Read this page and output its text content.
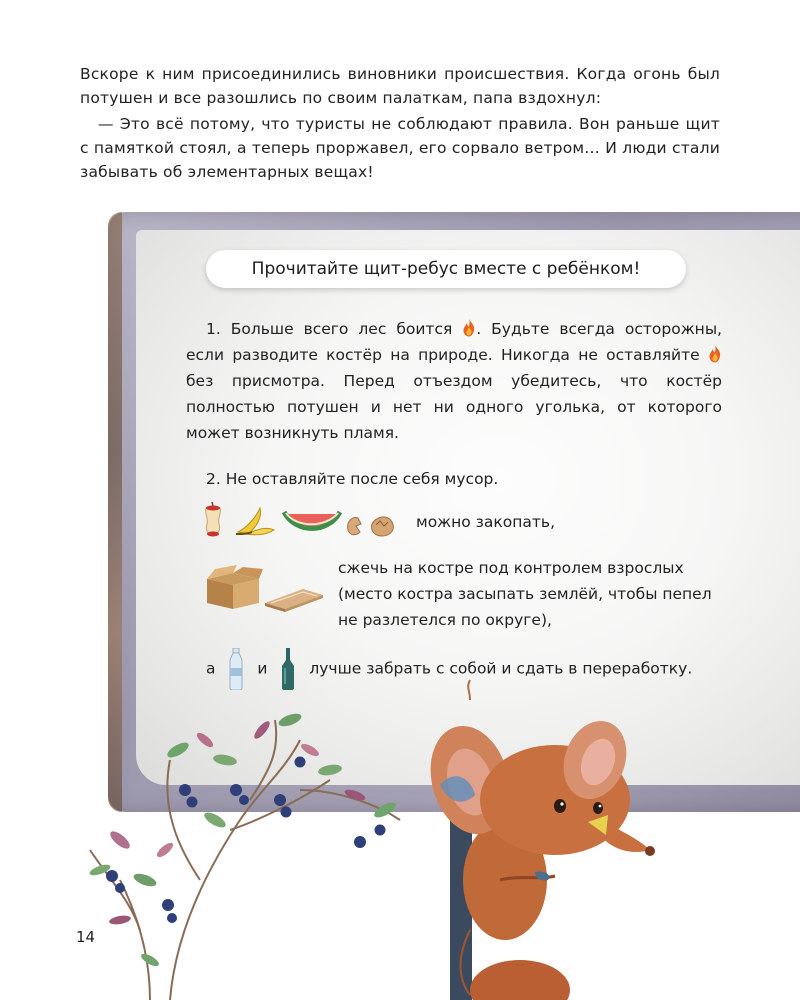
Вскоре к ним присоединились виновники происшествия. Когда огонь был потушен и все разошлись по своим палаткам, папа вздохнул:

— Это всё потому, что туристы не соблюдают правила. Вон раньше щит с памяткой стоял, а теперь проржавел, его сорвало ветром… И люди стали забывать об элементарных вещах!

Прочитайте щит-ребус вместе с ребёнком!
1. Больше всего лес боится . Будьте всегда осторожны, если разводите костёр на природе. Никогда не оставляйте  без присмотра. Перед отъездом убедитесь, что костёр полностью потушен и нет ни одного уголька, от которого может возникнуть пламя.
2. Не оставляйте после себя мусор.
можно закопать,
сжечь на костре под контролем взрослых
(место костра засыпать землёй, чтобы пепел
не разлетелся по округе),
а	и	лучше забрать с собой и сдать в переработку.
14
